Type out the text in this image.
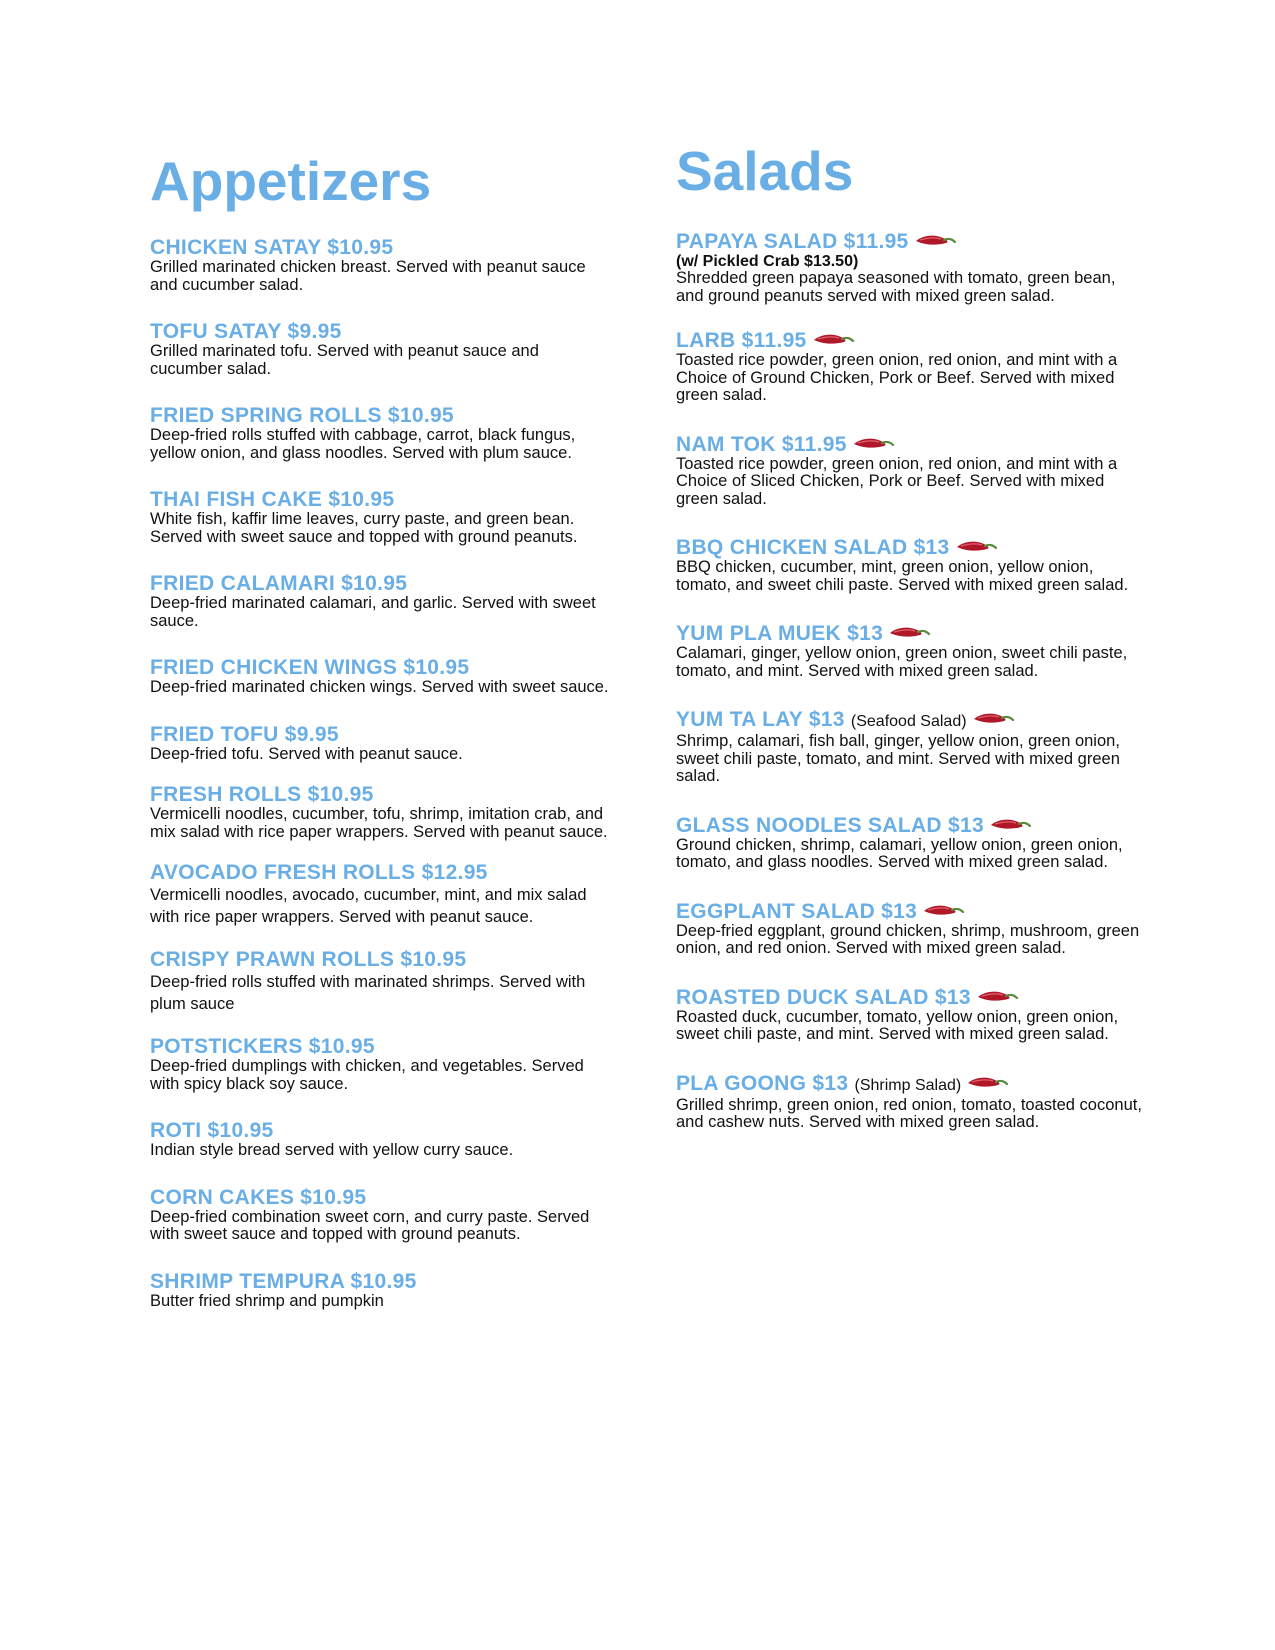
Appetizers
CHICKEN SATAY $10.95
Grilled marinated chicken breast. Served with peanut sauce and cucumber salad.
TOFU SATAY $9.95
Grilled marinated tofu. Served with peanut sauce and cucumber salad.
FRIED SPRING ROLLS $10.95
Deep-fried rolls stuffed with cabbage, carrot, black fungus, yellow onion, and glass noodles. Served with plum sauce.
THAI FISH CAKE $10.95
White fish, kaffir lime leaves, curry paste, and green bean. Served with sweet sauce and topped with ground peanuts.
FRIED CALAMARI $10.95
Deep-fried marinated calamari, and garlic. Served with sweet sauce.
FRIED CHICKEN WINGS $10.95
Deep-fried marinated chicken wings. Served with sweet sauce.
FRIED TOFU $9.95
Deep-fried tofu. Served with peanut sauce.
FRESH ROLLS $10.95
Vermicelli noodles, cucumber, tofu, shrimp, imitation crab, and mix salad with rice paper wrappers. Served with peanut sauce.
AVOCADO FRESH ROLLS $12.95
Vermicelli noodles, avocado, cucumber, mint, and mix salad with rice paper wrappers. Served with peanut sauce.
CRISPY PRAWN ROLLS $10.95
Deep-fried rolls stuffed with marinated shrimps. Served with plum sauce
POTSTICKERS $10.95
Deep-fried dumplings with chicken, and vegetables. Served with spicy black soy sauce.
ROTI $10.95
Indian style bread served with yellow curry sauce.
CORN CAKES $10.95
Deep-fried combination sweet corn, and curry paste. Served with sweet sauce and topped with ground peanuts.
SHRIMP TEMPURA $10.95
Butter fried shrimp and pumpkin
Salads
PAPAYA SALAD $11.95
(w/ Pickled Crab $13.50)
Shredded green papaya seasoned with tomato, green bean, and ground peanuts served with mixed green salad.
LARB $11.95
Toasted rice powder, green onion, red onion, and mint with a Choice of Ground Chicken, Pork or Beef. Served with mixed green salad.
NAM TOK $11.95
Toasted rice powder, green onion, red onion, and mint with a Choice of Sliced Chicken, Pork or Beef. Served with mixed green salad.
BBQ CHICKEN SALAD $13
BBQ chicken, cucumber, mint, green onion, yellow onion, tomato, and sweet chili paste. Served with mixed green salad.
YUM PLA MUEK $13
Calamari, ginger, yellow onion, green onion, sweet chili paste, tomato, and mint. Served with mixed green salad.
YUM TA LAY $13 (Seafood Salad)
Shrimp, calamari, fish ball, ginger, yellow onion, green onion, sweet chili paste, tomato, and mint. Served with mixed green salad.
GLASS NOODLES SALAD $13
Ground chicken, shrimp, calamari, yellow onion, green onion, tomato, and glass noodles. Served with mixed green salad.
EGGPLANT SALAD $13
Deep-fried eggplant, ground chicken, shrimp, mushroom, green onion, and red onion. Served with mixed green salad.
ROASTED DUCK SALAD $13
Roasted duck, cucumber, tomato, yellow onion, green onion, sweet chili paste, and mint. Served with mixed green salad.
PLA GOONG $13 (Shrimp Salad)
Grilled shrimp, green onion, red onion, tomato, toasted coconut, and cashew nuts. Served with mixed green salad.
